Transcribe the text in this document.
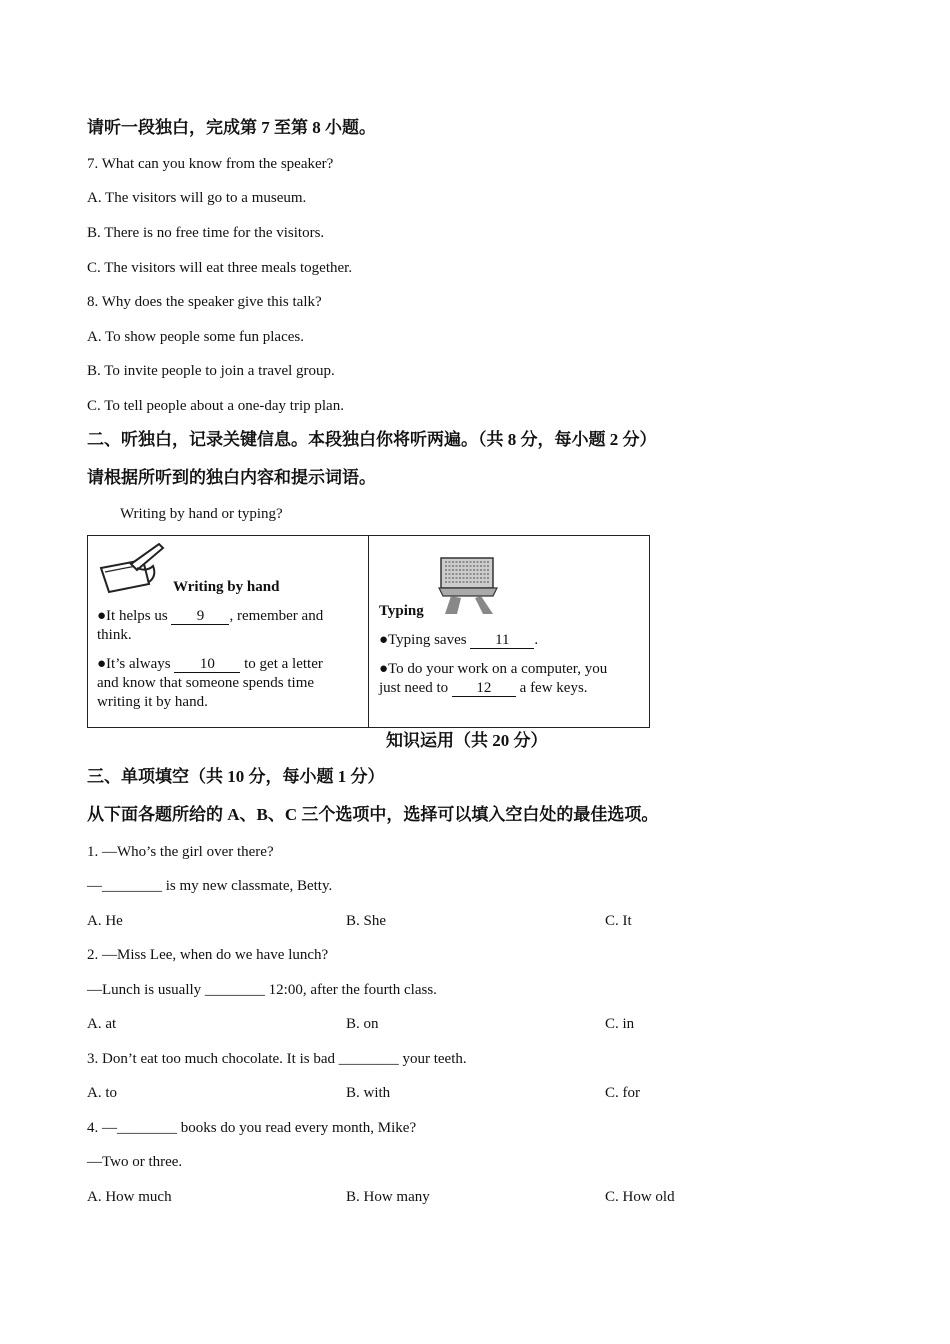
请听一段独白，完成第 7 至第 8 小题。
7. What can you know from the speaker?
A. The visitors will go to a museum.
B. There is no free time for the visitors.
C. The visitors will eat three meals together.
8. Why does the speaker give this talk?
A. To show people some fun places.
B. To invite people to join a travel group.
C. To tell people about a one-day trip plan.
二、听独白，记录关键信息。本段独白你将听两遍。（共 8 分，每小题 2 分）
请根据所听到的独白内容和提示词语。
Writing by hand or typing?
Writing by hand
●It helps us 9 , remember and
think.
●It’s always 10 to get a letter
and know that someone spends time
writing it by hand.

Typing
●Typing saves 11 .
●To do your work on a computer, you
just need to 12 a few keys.
知识运用（共 20 分）
三、单项填空（共 10 分，每小题 1 分）
从下面各题所给的 A、B、C 三个选项中，选择可以填入空白处的最佳选项。
1. —Who’s the girl over there?
—________ is my new classmate, Betty.
A. He	B. She	C. It
2. —Miss Lee, when do we have lunch?
—Lunch is usually ________ 12:00, after the fourth class.
A. at	B. on	C. in
3. Don’t eat too much chocolate. It is bad ________ your teeth.
A. to	B. with	C. for
4. —________ books do you read every month, Mike?
—Two or three.
A. How much	B. How many	C. How old
